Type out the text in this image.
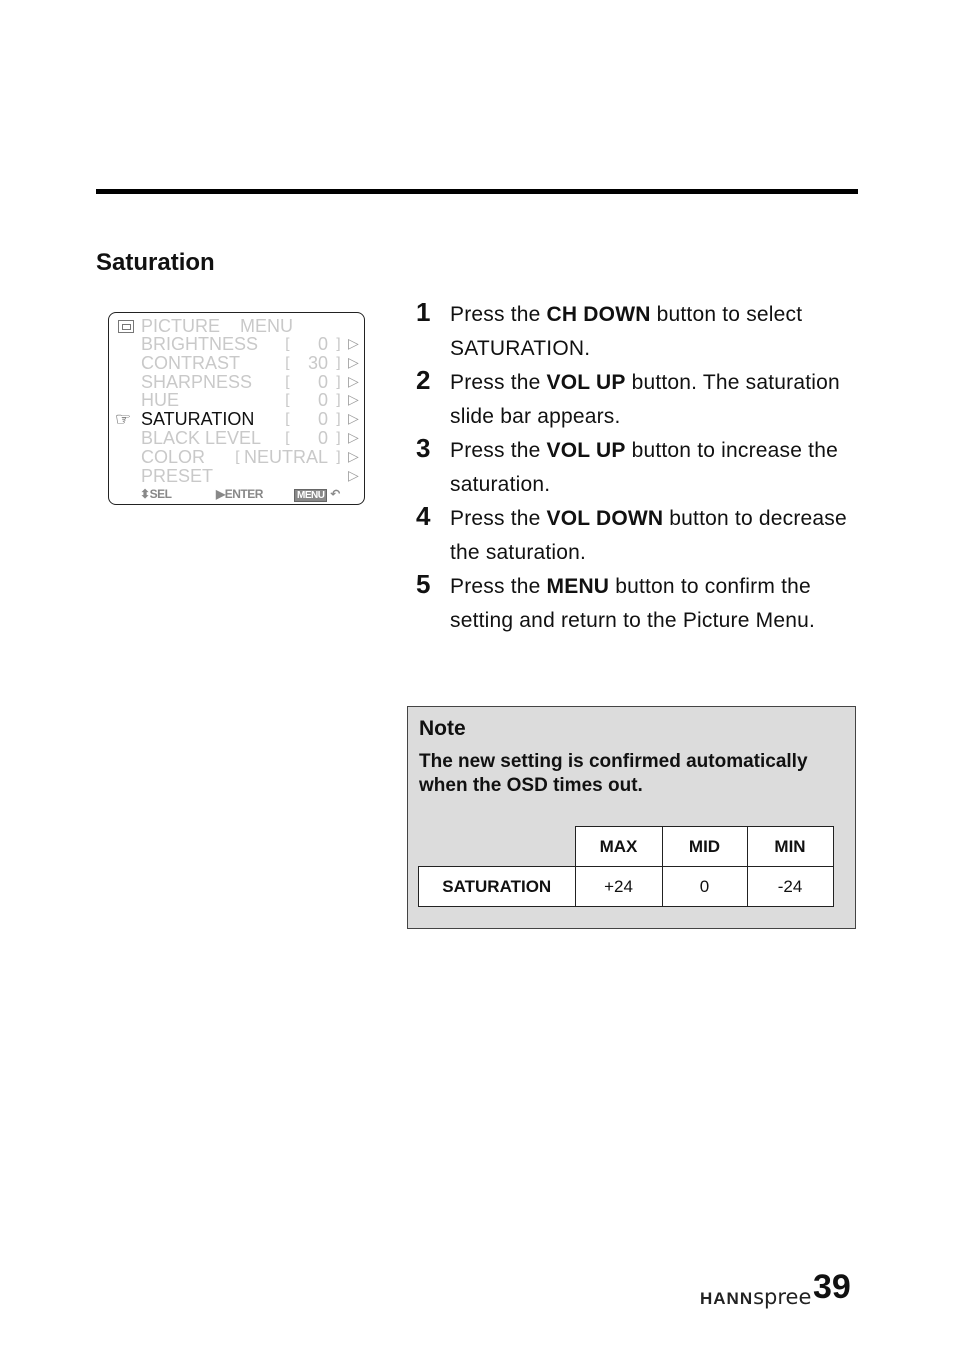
Saturation
PICTURE MENU
BRIGHTNESS [ 0 ] ▷
CONTRAST	[ 30 ] ▷
SHARPNESS [ 0 ] ▷
HUE	[ 0 ] ▷
☞ SATURATION [ 0 ] ▷
BLACK LEVEL [ 0 ] ▷
COLOR [ NEUTRAL ] ▷
PRESET	▷
⬍SEL	▶ENTER	MENU ↶
1 Press the CH DOWN button to select SATURATION.
2 Press the VOL UP button. The saturation slide bar appears.
3 Press the VOL UP button to increase the saturation.
4 Press the VOL DOWN button to decrease the saturation.
5 Press the MENU button to confirm the setting and return to the Picture Menu.
Note
The new setting is confirmed automatically when the OSD times out.
	MAX	MID	MIN
SATURATION	+24	0	-24
HANNspree 39
